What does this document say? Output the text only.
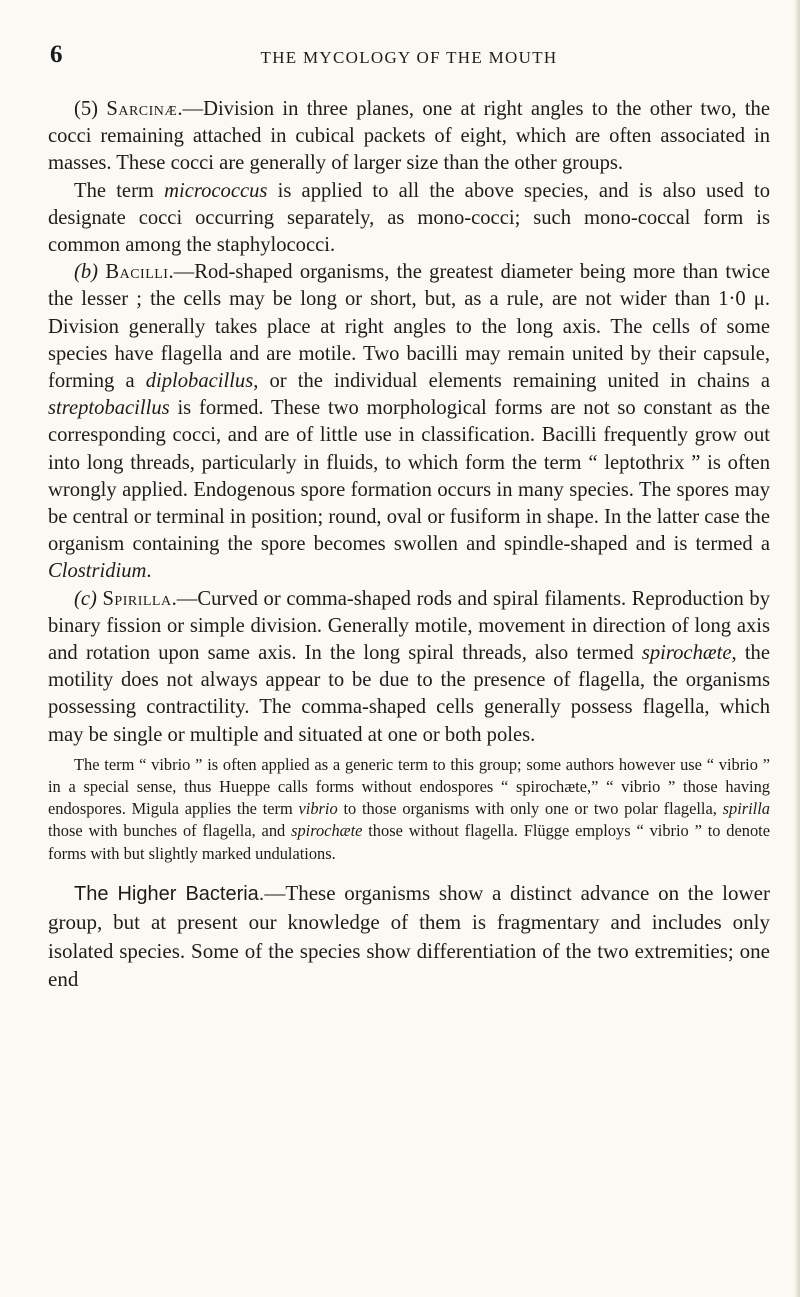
6	THE MYCOLOGY OF THE MOUTH

(5) Sarcinæ.—Division in three planes, one at right angles to the other two, the cocci remaining attached in cubical packets of eight, which are often associated in masses. These cocci are generally of larger size than the other groups.

The term micrococcus is applied to all the above species, and is also used to designate cocci occurring separately, as mono-cocci; such mono-coccal form is common among the staphylococci.

(b) Bacilli.—Rod-shaped organisms, the greatest diameter being more than twice the lesser ; the cells may be long or short, but, as a rule, are not wider than 1·0 μ. Division generally takes place at right angles to the long axis. The cells of some species have flagella and are motile. Two bacilli may remain united by their capsule, forming a diplobacillus, or the individual elements remaining united in chains a streptobacillus is formed. These two morphological forms are not so constant as the corresponding cocci, and are of little use in classification. Bacilli frequently grow out into long threads, particularly in fluids, to which form the term “ leptothrix ” is often wrongly applied. Endogenous spore formation occurs in many species. The spores may be central or terminal in position; round, oval or fusiform in shape. In the latter case the organism containing the spore becomes swollen and spindle-shaped and is termed a Clostridium.

(c) Spirilla.—Curved or comma-shaped rods and spiral filaments. Reproduction by binary fission or simple division. Generally motile, movement in direction of long axis and rotation upon same axis. In the long spiral threads, also termed spirochæte, the motility does not always appear to be due to the presence of flagella, the organisms possessing contractility. The comma-shaped cells generally possess flagella, which may be single or multiple and situated at one or both poles.

The term “ vibrio ” is often applied as a generic term to this group; some authors however use “ vibrio ” in a special sense, thus Hueppe calls forms without endospores “ spirochæte,” “ vibrio ” those having endospores. Migula applies the term vibrio to those organisms with only one or two polar flagella, spirilla those with bunches of flagella, and spirochæte those without flagella. Flügge employs “ vibrio ” to denote forms with but slightly marked undulations.

The Higher Bacteria.—These organisms show a distinct advance on the lower group, but at present our knowledge of them is fragmentary and includes only isolated species. Some of the species show differentiation of the two extremities; one end
